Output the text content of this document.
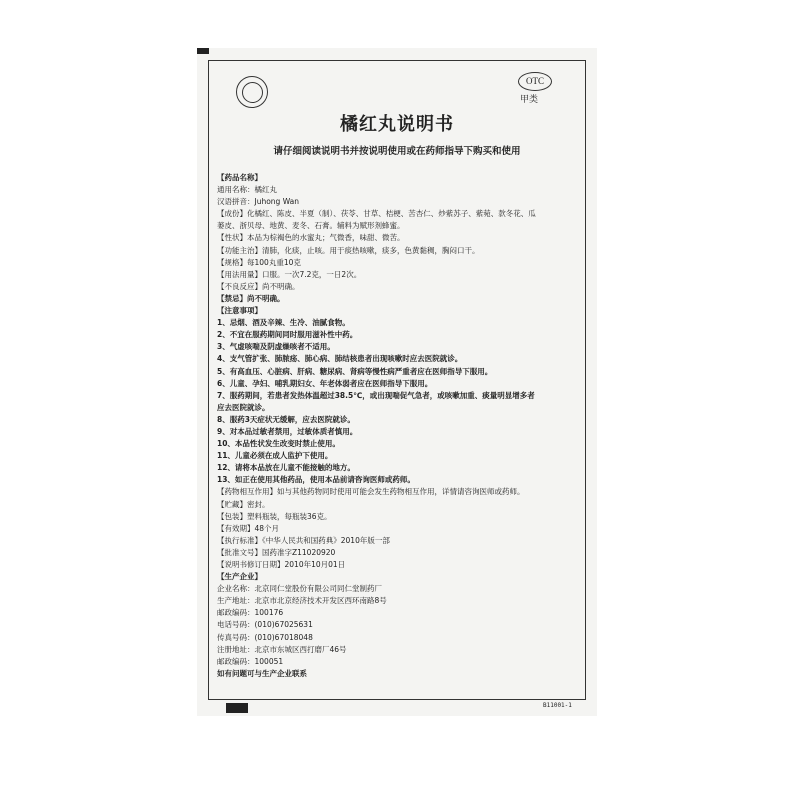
OTC
甲类
橘红丸说明书
请仔细阅读说明书并按说明使用或在药师指导下购买和使用
【药品名称】
通用名称：橘红丸
汉语拼音：Juhong Wan
【成份】化橘红、陈皮、半夏（制）、茯苓、甘草、桔梗、苦杏仁、炒紫苏子、紫菀、款冬花、瓜
蒌皮、浙贝母、地黄、麦冬、石膏。辅料为赋形剂蜂蜜。
【性状】本品为棕褐色的水蜜丸；气微香，味甜、微苦。
【功能主治】清肺，化痰，止咳。用于痰热咳嗽，痰多，色黄黏稠，胸闷口干。
【规格】每100丸重10克
【用法用量】口服。一次7.2克，一日2次。
【不良反应】尚不明确。
【禁忌】尚不明确。
【注意事项】
1、忌烟、酒及辛辣、生冷、油腻食物。
2、不宜在服药期间同时服用滋补性中药。
3、气虚咳喘及阴虚燥咳者不适用。
4、支气管扩张、肺脓疡、肺心病、肺结核患者出现咳嗽时应去医院就诊。
5、有高血压、心脏病、肝病、糖尿病、肾病等慢性病严重者应在医师指导下服用。
6、儿童、孕妇、哺乳期妇女、年老体弱者应在医师指导下服用。
7、服药期间，若患者发热体温超过38.5℃，或出现喘促气急者，或咳嗽加重、痰量明显增多者
应去医院就诊。
8、服药3天症状无缓解，应去医院就诊。
9、对本品过敏者禁用，过敏体质者慎用。
10、本品性状发生改变时禁止使用。
11、儿童必须在成人监护下使用。
12、请将本品放在儿童不能接触的地方。
13、如正在使用其他药品，使用本品前请咨询医师或药师。
【药物相互作用】如与其他药物同时使用可能会发生药物相互作用，详情请咨询医师或药师。
【贮藏】密封。
【包装】塑料瓶装，每瓶装36克。
【有效期】48个月
【执行标准】《中华人民共和国药典》2010年版一部
【批准文号】国药准字Z11020920
【说明书修订日期】2010年10月01日
【生产企业】
企业名称：北京同仁堂股份有限公司同仁堂制药厂
生产地址：北京市北京经济技术开发区西环南路8号
邮政编码：100176
电话号码：(010)67025631
传真号码：(010)67018048
注册地址：北京市东城区西打磨厂46号
邮政编码：100051
如有问题可与生产企业联系
B11001-1
